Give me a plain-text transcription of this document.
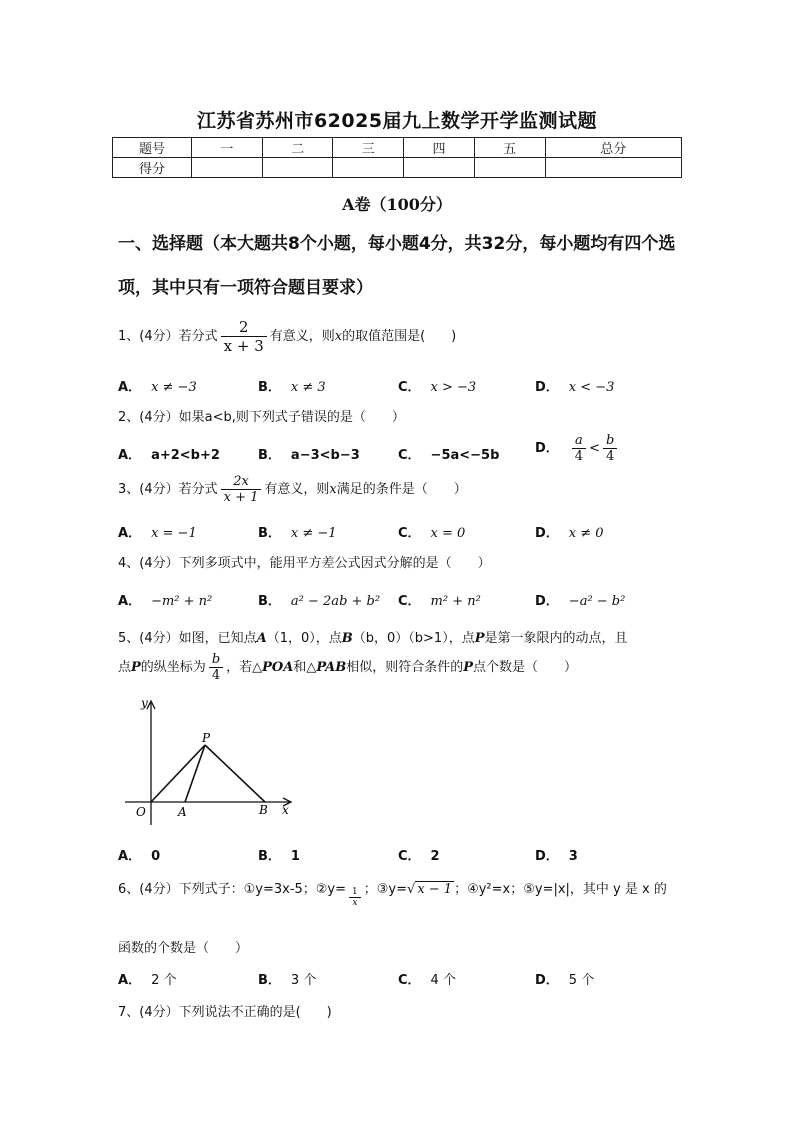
江苏省苏州市62025届九上数学开学监测试题
题号	一	二	三	四	五	总分
得分						
A卷（100分）
一、选择题（本大题共8个小题，每小题4分，共32分，每小题均有四个选项，其中只有一项符合题目要求）
1、(4分）若分式 $\frac{2}{x + 3}$ 有意义，则x的取值范围是(　　)
A． x ≠ −3	B． x ≠ 3	C． x > −3	D． x < −3
2、(4分）如果a<b,则下列式子错误的是（　　）
A． a+2<b+2	B． a−3<b−3	C． −5a<−5b	D． $\frac{a}{4} < \frac{b}{4}$
3、(4分）若分式 $\frac{2x}{x + 1}$ 有意义，则x满足的条件是（　　）
A． x = −1	B． x ≠ −1	C． x = 0	D． x ≠ 0
4、(4分）下列多项式中，能用平方差公式因式分解的是（　　）
A． −m² + n²	B． a² − 2ab + b² C． m² + n²	D． −a² − b²
5、(4分）如图，已知点A（1，0），点B（b，0）（b>1），点P是第一象限内的动点，且
点P的纵坐标为 $\frac{b}{4}$ ，若△POA和△PAB相似，则符合条件的P点个数是（　　）
y
P
O	A	B x
A． 0	B． 1	C． 2	D． 3
6、(4分）下列式子：①y=3x-5；②y= $\frac{1}{x}$ ；③y=√ x − 1 ；④y²=x；⑤y=|x|，其中 y 是 x 的
函数的个数是（　　）
A． 2 个	B． 3 个	C． 4 个	D． 5 个
7、(4分）下列说法不正确的是(　　)
